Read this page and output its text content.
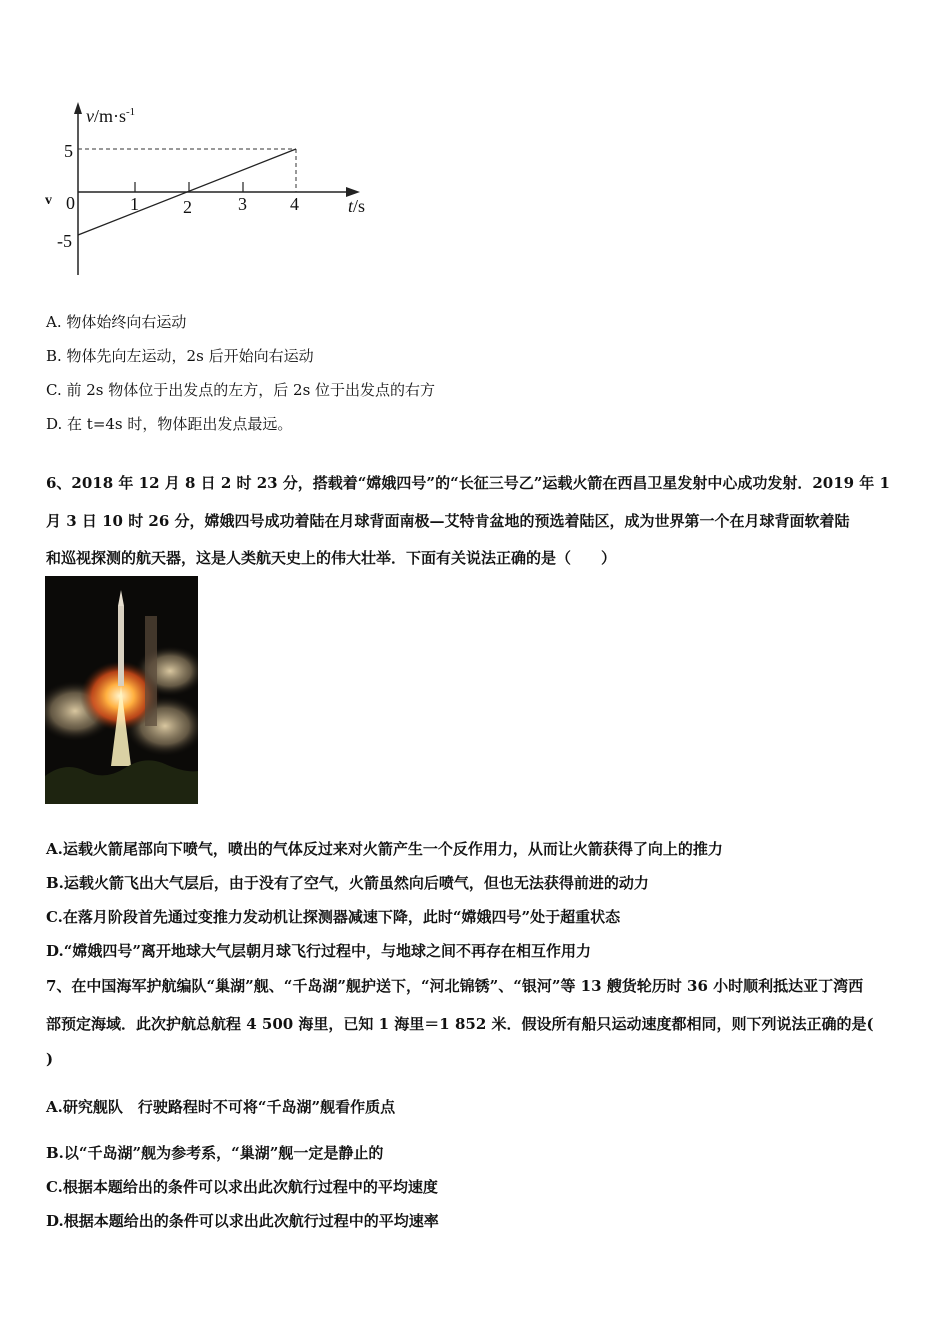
$v/m\cdot s^{-1}$
5
0
-5
v	1 2	3 4	t/s
A. 物体始终向右运动
B. 物体先向左运动，2s 后开始向右运动
C. 前 2s 物体位于出发点的左方，后 2s 位于出发点的右方
D. 在 t=4s 时，物体距出发点最远。
6、2018 年 12 月 8 日 2 时 23 分，搭载着“嫦娥四号”的“长征三号乙”运载火箭在西昌卫星发射中心成功发射．2019 年 1
月 3 日 10 时 26 分，嫦娥四号成功着陆在月球背面南极—艾特肯盆地的预选着陆区，成为世界第一个在月球背面软着陆
和巡视探测的航天器，这是人类航天史上的伟大壮举．下面有关说法正确的是（　　）
A.运载火箭尾部向下喷气，喷出的气体反过来对火箭产生一个反作用力，从而让火箭获得了向上的推力
B.运载火箭飞出大气层后，由于没有了空气，火箭虽然向后喷气，但也无法获得前进的动力
C.在落月阶段首先通过变推力发动机让探测器减速下降，此时“嫦娥四号”处于超重状态
D.“嫦娥四号”离开地球大气层朝月球飞行过程中，与地球之间不再存在相互作用力
7、在中国海军护航编队“巢湖”舰、“千岛湖”舰护送下，“河北锦锈”、“银河”等 13 艘货轮历时 36 小时顺利抵达亚丁湾西
部预定海域．此次护航总航程 4 500 海里，已知 1 海里＝1 852 米．假设所有船只运动速度都相同，则下列说法正确的是(
)
A.研究舰队　行驶路程时不可将“千岛湖”舰看作质点
B.以“千岛湖”舰为参考系，“巢湖”舰一定是静止的
C.根据本题给出的条件可以求出此次航行过程中的平均速度
D.根据本题给出的条件可以求出此次航行过程中的平均速率
